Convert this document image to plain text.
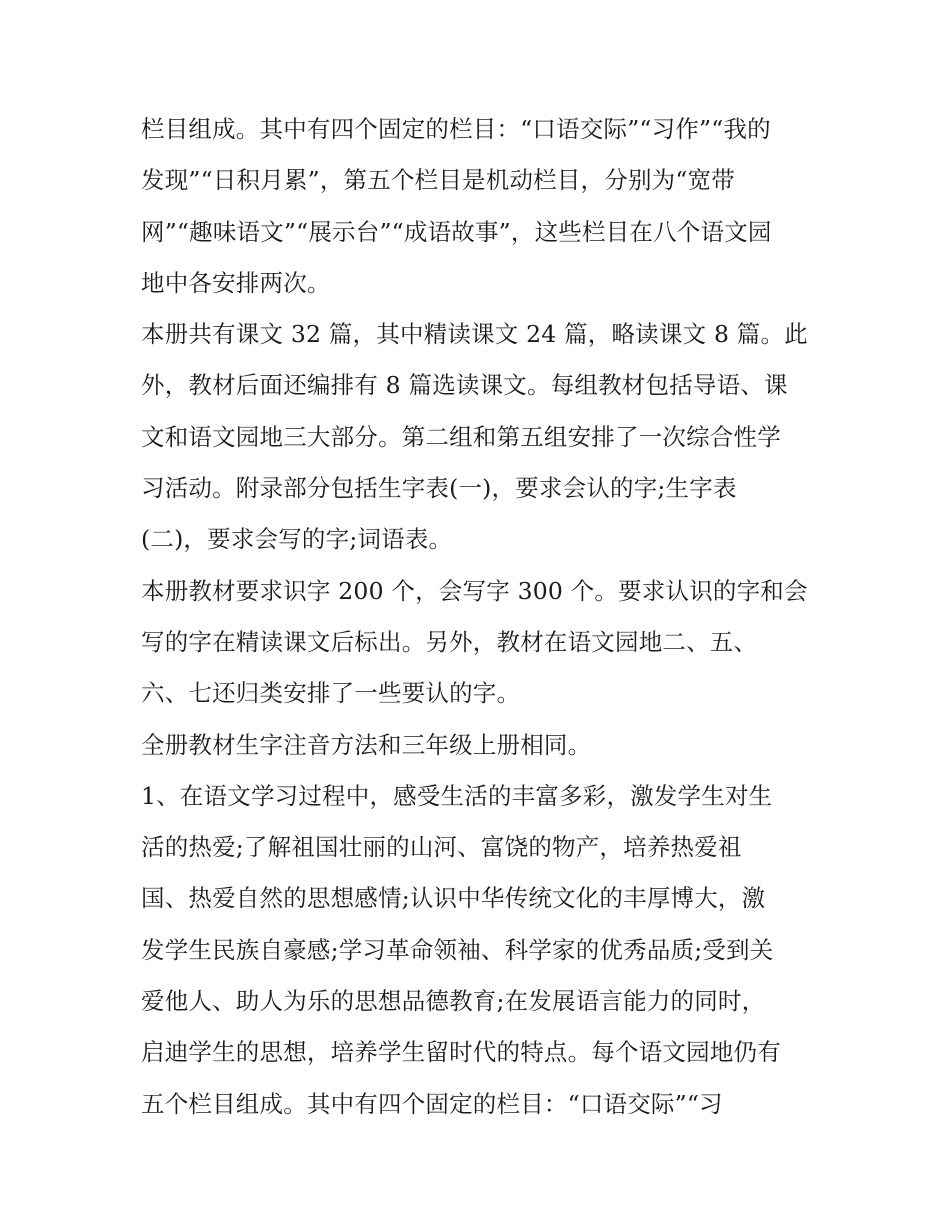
栏目组成。其中有四个固定的栏目：“口语交际”“习作”“我的
发现”“日积月累”，第五个栏目是机动栏目，分别为“宽带
网”“趣味语文”“展示台”“成语故事”，这些栏目在八个语文园
地中各安排两次。
本册共有课文 32 篇，其中精读课文 24 篇，略读课文 8 篇。此
外，教材后面还编排有 8 篇选读课文。每组教材包括导语、课
文和语文园地三大部分。第二组和第五组安排了一次综合性学
习活动。附录部分包括生字表(一)，要求会认的字;生字表
(二)，要求会写的字;词语表。
本册教材要求识字 200 个，会写字 300 个。要求认识的字和会
写的字在精读课文后标出。另外，教材在语文园地二、五、
六、七还归类安排了一些要认的字。
全册教材生字注音方法和三年级上册相同。
1、在语文学习过程中，感受生活的丰富多彩，激发学生对生
活的热爱;了解祖国壮丽的山河、富饶的物产，培养热爱祖
国、热爱自然的思想感情;认识中华传统文化的丰厚博大，激
发学生民族自豪感;学习革命领袖、科学家的优秀品质;受到关
爱他人、助人为乐的思想品德教育;在发展语言能力的同时，
启迪学生的思想，培养学生留时代的特点。每个语文园地仍有
五个栏目组成。其中有四个固定的栏目：“口语交际”“习
